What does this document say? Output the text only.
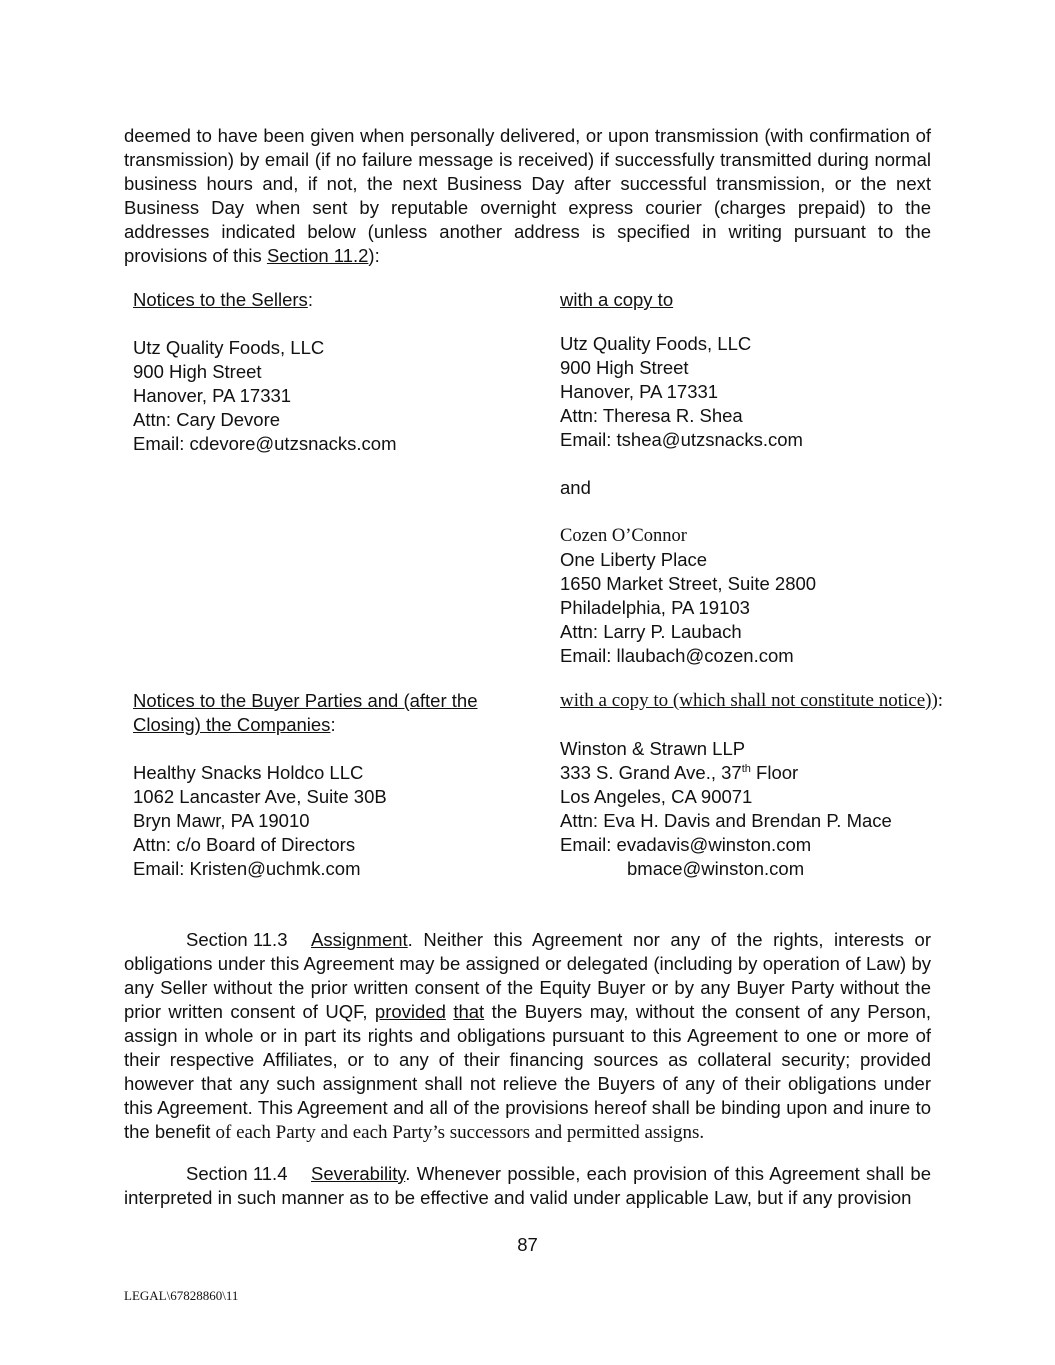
deemed to have been given when personally delivered, or upon transmission (with confirmation of transmission) by email (if no failure message is received) if successfully transmitted during normal business hours and, if not, the next Business Day after successful transmission, or the next Business Day when sent by reputable overnight express courier (charges prepaid) to the addresses indicated below (unless another address is specified in writing pursuant to the provisions of this Section 11.2):

Notices to the Sellers:
Utz Quality Foods, LLC
900 High Street
Hanover, PA 17331
Attn: Cary Devore
Email: cdevore@utzsnacks.com
with a copy to
Utz Quality Foods, LLC
900 High Street
Hanover, PA 17331
Attn: Theresa R. Shea
Email: tshea@utzsnacks.com
and
Cozen O’Connor
One Liberty Place
1650 Market Street, Suite 2800
Philadelphia, PA 19103
Attn: Larry P. Laubach
Email: llaubach@cozen.com
Notices to the Buyer Parties and (after the
Closing) the Companies:
Healthy Snacks Holdco LLC
1062 Lancaster Ave, Suite 30B
Bryn Mawr, PA 19010
Attn: c/o Board of Directors
Email: Kristen@uchmk.com
with a copy to (which shall not constitute notice)):
Winston & Strawn LLP
333 S. Grand Ave., 37th Floor
Los Angeles, CA 90071
Attn: Eva H. Davis and Brendan P. Mace
Email: evadavis@winston.com
bmace@winston.com

Section 11.3 Assignment. Neither this Agreement nor any of the rights, interests or obligations under this Agreement may be assigned or delegated (including by operation of Law) by any Seller without the prior written consent of the Equity Buyer or by any Buyer Party without the prior written consent of UQF, provided that the Buyers may, without the consent of any Person, assign in whole or in part its rights and obligations pursuant to this Agreement to one or more of their respective Affiliates, or to any of their financing sources as collateral security; provided however that any such assignment shall not relieve the Buyers of any of their obligations under this Agreement. This Agreement and all of the provisions hereof shall be binding upon and inure to the benefit of each Party and each Party’s successors and permitted assigns.

Section 11.4 Severability. Whenever possible, each provision of this Agreement shall be interpreted in such manner as to be effective and valid under applicable Law, but if any provision

87
LEGAL\67828860\11
